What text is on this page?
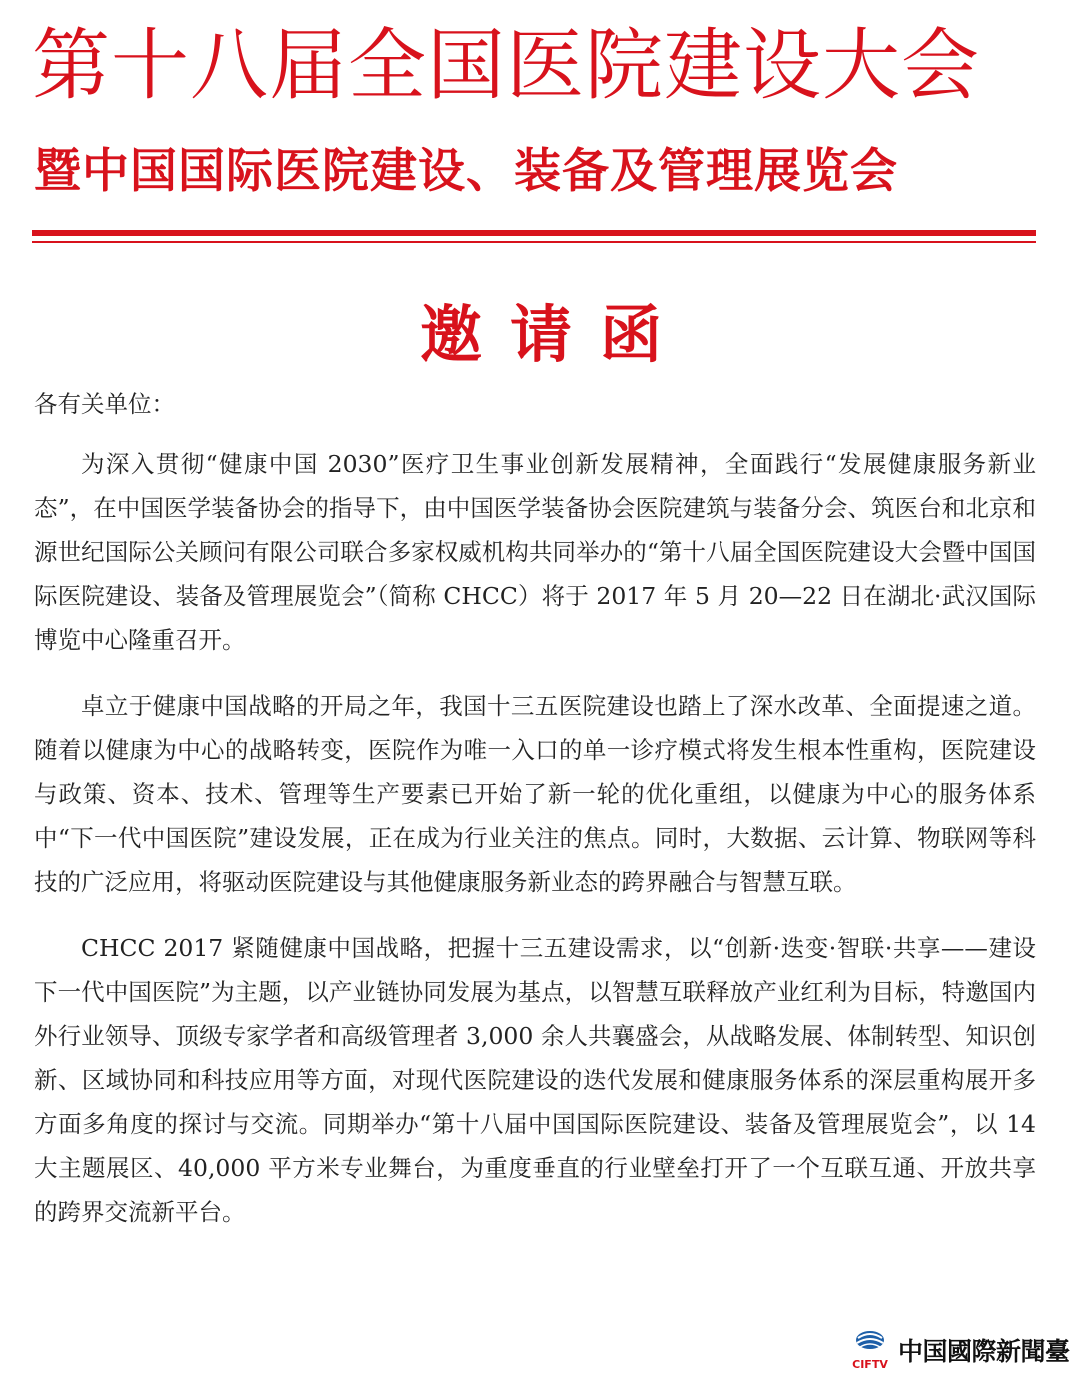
第十八届全国医院建设大会
暨中国国际医院建设、装备及管理展览会
邀请函
各有关单位：

为深入贯彻“健康中国 2030”医疗卫生事业创新发展精神，全面践行“发展健康服务新业态”，在中国医学装备协会的指导下，由中国医学装备协会医院建筑与装备分会、筑医台和北京和源世纪国际公关顾问有限公司联合多家权威机构共同举办的“第十八届全国医院建设大会暨中国国际医院建设、装备及管理展览会”（简称 CHCC）将于 2017 年 5 月 20—22 日在湖北·武汉国际博览中心隆重召开。

卓立于健康中国战略的开局之年，我国十三五医院建设也踏上了深水改革、全面提速之道。随着以健康为中心的战略转变，医院作为唯一入口的单一诊疗模式将发生根本性重构，医院建设与政策、资本、技术、管理等生产要素已开始了新一轮的优化重组，以健康为中心的服务体系中“下一代中国医院”建设发展，正在成为行业关注的焦点。同时，大数据、云计算、物联网等科技的广泛应用，将驱动医院建设与其他健康服务新业态的跨界融合与智慧互联。

CHCC 2017 紧随健康中国战略，把握十三五建设需求，以“创新·迭变·智联·共享——建设下一代中国医院”为主题，以产业链协同发展为基点，以智慧互联释放产业红利为目标，特邀国内外行业领导、顶级专家学者和高级管理者 3,000 余人共襄盛会，从战略发展、体制转型、知识创新、区域协同和科技应用等方面，对现代医院建设的迭代发展和健康服务体系的深层重构展开多方面多角度的探讨与交流。同期举办“第十八届中国国际医院建设、装备及管理展览会”，以 14 大主题展区、40,000 平方米专业舞台，为重度垂直的行业壁垒打开了一个互联互通、开放共享的跨界交流新平台。

CIFTV 中国國際新聞臺
